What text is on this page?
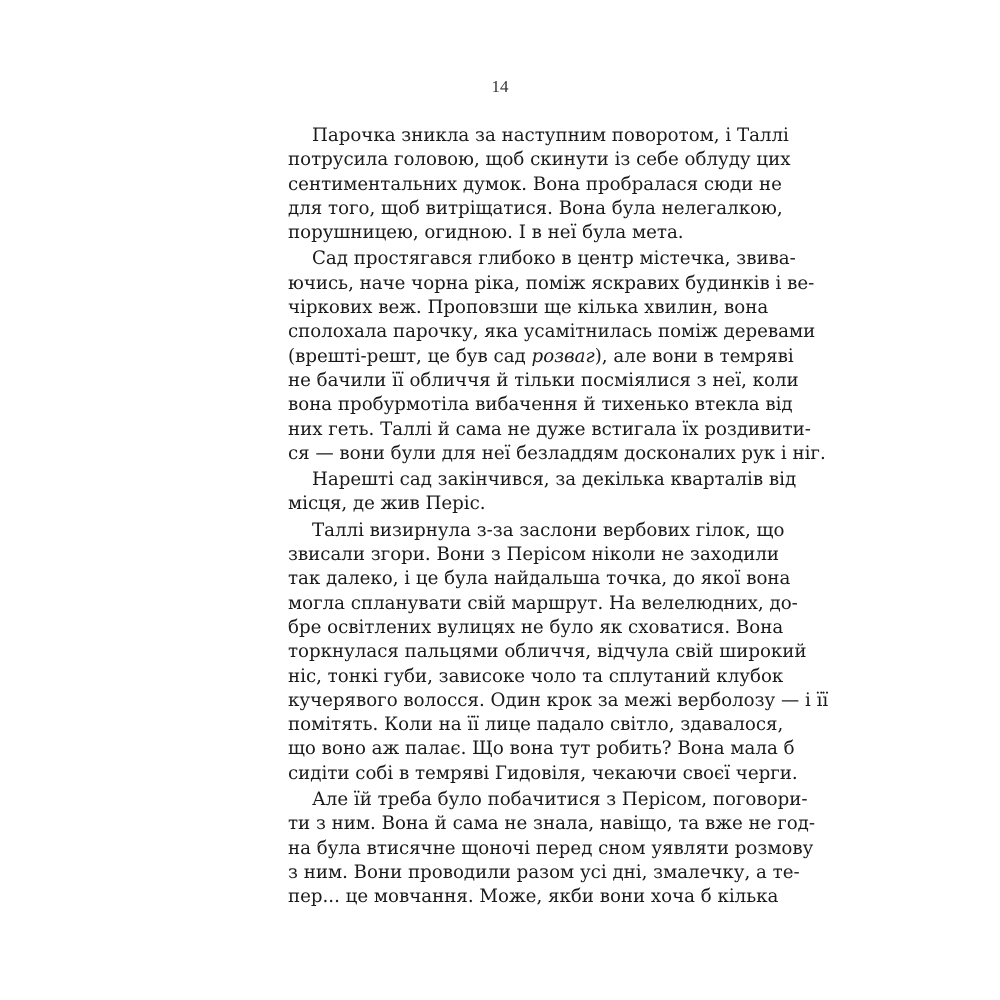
14
Парочка зникла за наступним поворотом, і Таллі
потрусила головою, щоб скинути із себе облуду цих
сентиментальних думок. Вона пробралася сюди не
для того, щоб витріщатися. Вона була нелегалкою,
порушницею, огидною. І в неї була мета.
Сад простягався глибоко в центр містечка, звива-
ючись, наче чорна ріка, поміж яскравих будинків і ве-
чіркових веж. Проповзши ще кілька хвилин, вона
сполохала парочку, яка усамітнилась поміж деревами
(врешті-решт, це був сад розваг), але вони в темряві
не бачили її обличчя й тільки посміялися з неї, коли
вона пробурмотіла вибачення й тихенько втекла від
них геть. Таллі й сама не дуже встигала їх роздивити-
ся — вони були для неї безладдям досконалих рук і ніг.
Нарешті сад закінчився, за декілька кварталів від
місця, де жив Періс.
Таллі визирнула з-за заслони вербових гілок, що
звисали згори. Вони з Перісом ніколи не заходили
так далеко, і це була найдальша точка, до якої вона
могла спланувати свій маршрут. На велелюдних, до-
бре освітлених вулицях не було як сховатися. Вона
торкнулася пальцями обличчя, відчула свій широкий
ніс, тонкі губи, зависоке чоло та сплутаний клубок
кучерявого волосся. Один крок за межі верболозу — і її
помітять. Коли на її лице падало світло, здавалося,
що воно аж палає. Що вона тут робить? Вона мала б
сидіти собі в темряві Гидовіля, чекаючи своєї черги.
Але їй треба було побачитися з Перісом, поговори-
ти з ним. Вона й сама не знала, навіщо, та вже не год-
на була втисячне щоночі перед сном уявляти розмову
з ним. Вони проводили разом усі дні, змалечку, а те-
пер... це мовчання. Може, якби вони хоча б кілька
